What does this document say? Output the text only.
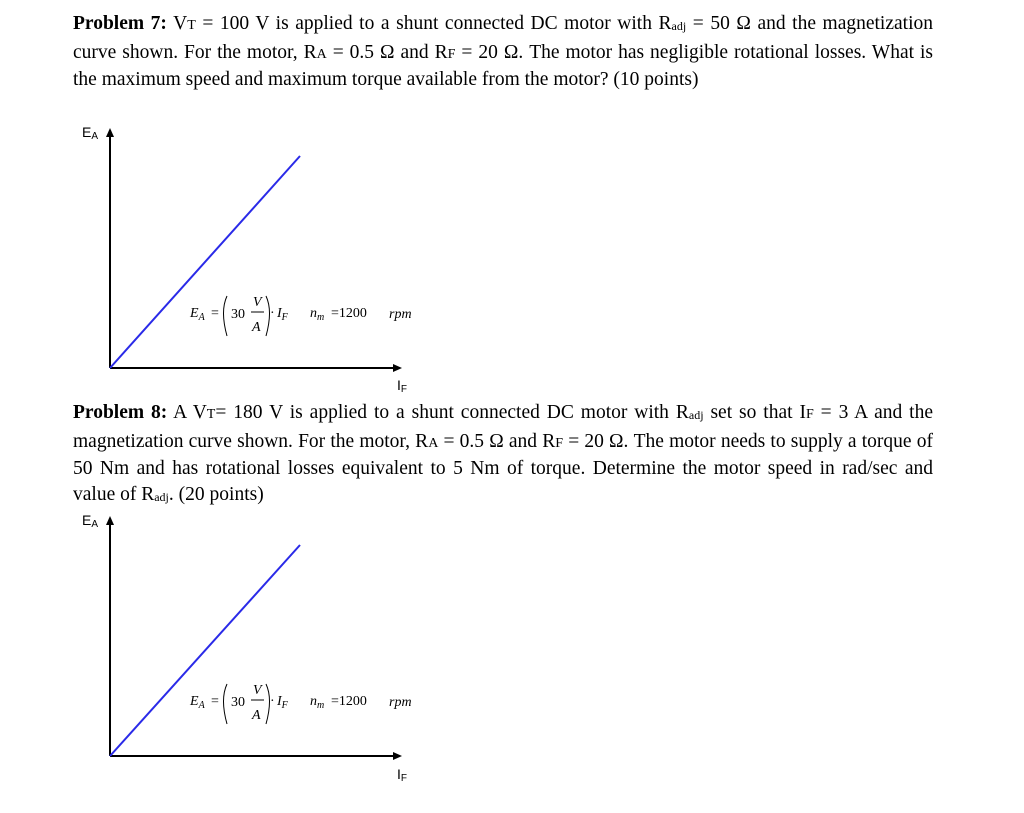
Problem 7: VT = 100 V is applied to a shunt connected DC motor with Radj = 50 Ω and the magnetization curve shown. For the motor, RA = 0.5 Ω and RF = 20 Ω. The motor has negligible rotational losses. What is the maximum speed and maximum torque available from the motor? (10 points)

EA
IF
$E_A = 30$
V
A
· $I_F$ $n_m =1200$ rpm

Problem 8: A VT= 180 V is applied to a shunt connected DC motor with Radj set so that IF = 3 A and the magnetization curve shown. For the motor, RA = 0.5 Ω and RF = 20 Ω. The motor needs to supply a torque of 50 Nm and has rotational losses equivalent to 5 Nm of torque. Determine the motor speed in rad/sec and value of Radj. (20 points)

EA
IF
$E_A = 30$
V
A
· $I_F$ $n_m =1200$ rpm
